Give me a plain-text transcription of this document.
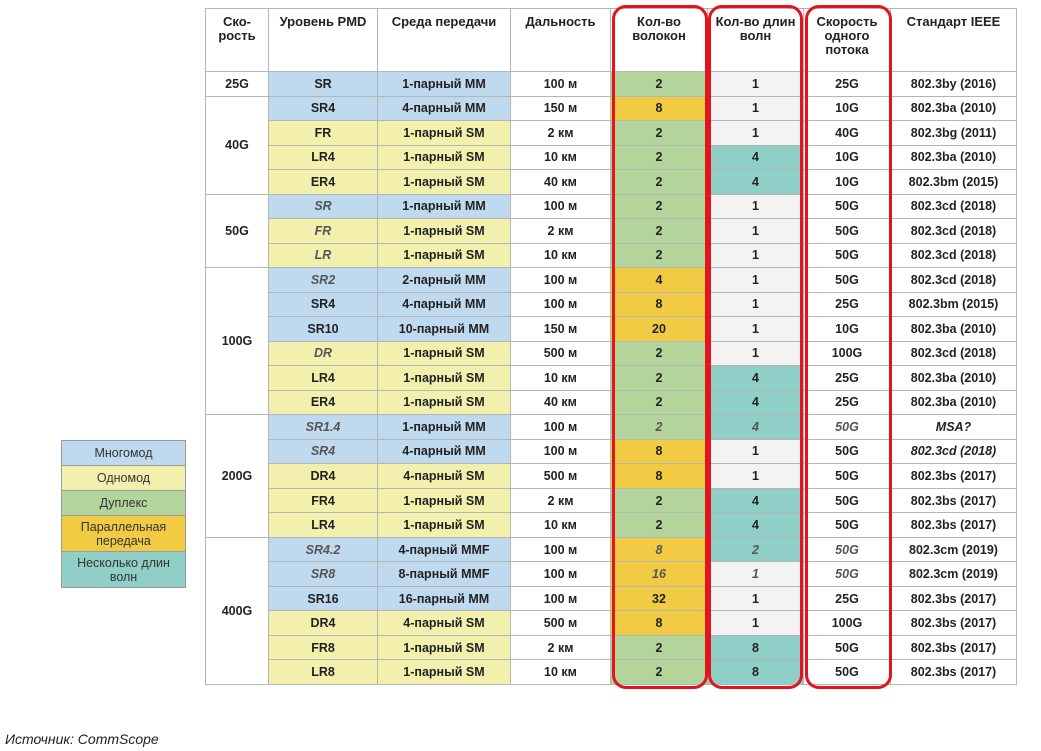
Ско-рость	Уровень PMD	Среда передачи	Дальность	Кол-во волокон	Кол-во длин волн	Скорость одного потока	Стандарт IEEE
25G	SR	1-парный ММ	100 м	2	1	25G	802.3by (2016)
40G	SR4	4-парный ММ	150 м	8	1	10G	802.3ba (2010)
	FR	1-парный SM	2 км	2	1	40G	802.3bg (2011)
	LR4	1-парный SM	10 км	2	4	10G	802.3ba (2010)
	ER4	1-парный SM	40 км	2	4	10G	802.3bm (2015)
50G	SR	1-парный ММ	100 м	2	1	50G	802.3cd (2018)
	FR	1-парный SM	2 км	2	1	50G	802.3cd (2018)
	LR	1-парный SM	10 км	2	1	50G	802.3cd (2018)
100G	SR2	2-парный ММ	100 м	4	1	50G	802.3cd (2018)
	SR4	4-парный ММ	100 м	8	1	25G	802.3bm (2015)
	SR10	10-парный ММ	150 м	20	1	10G	802.3ba (2010)
	DR	1-парный SM	500 м	2	1	100G	802.3cd (2018)
	LR4	1-парный SM	10 км	2	4	25G	802.3ba (2010)
	ER4	1-парный SM	40 км	2	4	25G	802.3ba (2010)
200G	SR1.4	1-парный ММ	100 м	2	4	50G	MSA?
	SR4	4-парный ММ	100 м	8	1	50G	802.3cd (2018)
	DR4	4-парный SM	500 м	8	1	50G	802.3bs (2017)
	FR4	1-парный SM	2 км	2	4	50G	802.3bs (2017)
	LR4	1-парный SM	10 км	2	4	50G	802.3bs (2017)
400G	SR4.2	4-парный MMF	100 м	8	2	50G	802.3cm (2019)
	SR8	8-парный MMF	100 м	16	1	50G	802.3cm (2019)
	SR16	16-парный ММ	100 м	32	1	25G	802.3bs (2017)
	DR4	4-парный SM	500 м	8	1	100G	802.3bs (2017)
	FR8	1-парный SM	2 км	2	8	50G	802.3bs (2017)
	LR8	1-парный SM	10 км	2	8	50G	802.3bs (2017)
Многомод
Одномод
Дуплекс
Параллельная передача
Несколько длин волн
Источник: CommScope
